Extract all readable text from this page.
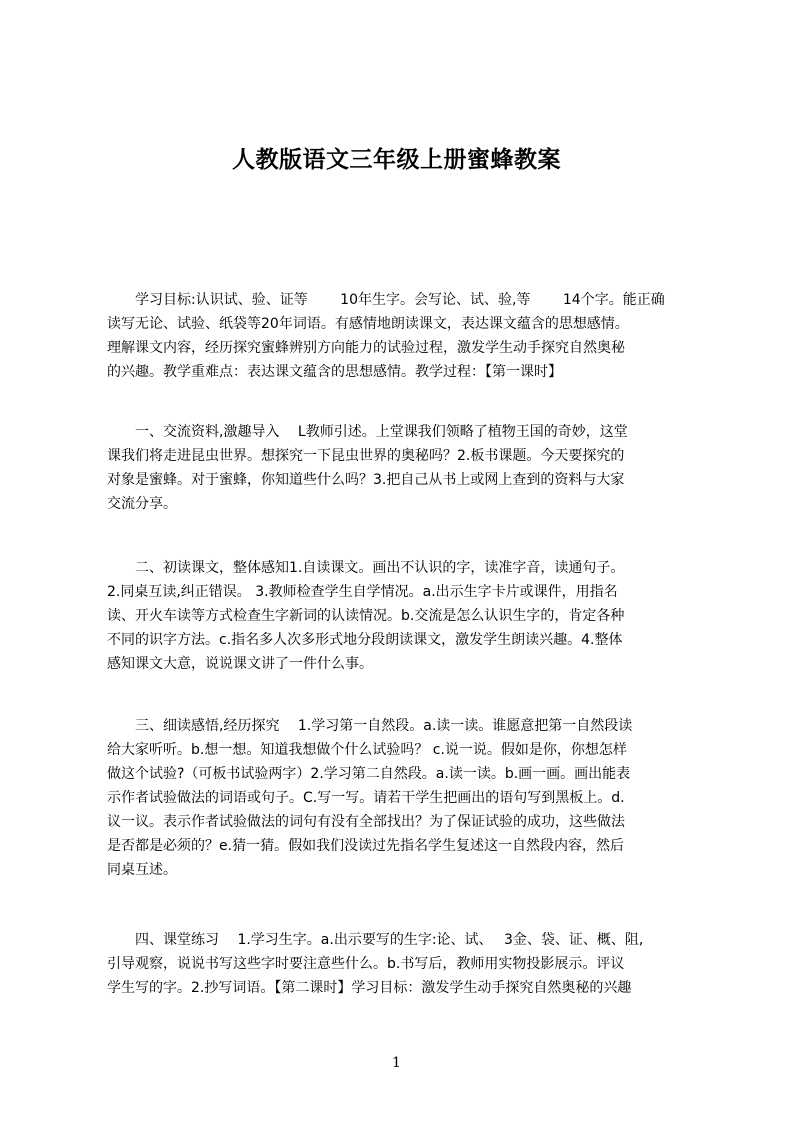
人教版语文三年级上册蜜蜂教案
　　学习目标:认识试、验、证等　　 10年生字。会写论、试、验,等　　 14个字。能正确
读写无论、试验、纸袋等20年词语。有感情地朗读课文，表达课文蕴含的思想感情。
理解课文内容，经历探究蜜蜂辨别方向能力的试验过程，激发学生动手探究自然奥秘
的兴趣。教学重难点：表达课文蕴含的思想感情。教学过程：【第一课时】
　　一、交流资料,激趣导入　 L教师引述。上堂课我们领略了植物王国的奇妙，这堂
课我们将走进昆虫世界。想探究一下昆虫世界的奥秘吗？2.板书课题。今天要探究的
对象是蜜蜂。对于蜜蜂，你知道些什么吗？3.把自己从书上或网上查到的资料与大家
交流分享。
　　二、初读课文，整体感知1.自读课文。画出不认识的字，读准字音，读通句子。
2.同桌互读,纠正错误。 3.教师检查学生自学情况。a.出示生字卡片或课件，用指名
读、开火车读等方式检查生字新词的认读情况。b.交流是怎么认识生字的，肯定各种
不同的识字方法。c.指名多人次多形式地分段朗读课文，激发学生朗读兴趣。4.整体
感知课文大意，说说课文讲了一件什么事。
　　三、细读感悟,经历探究　 1.学习第一自然段。a.读一读。谁愿意把第一自然段读
给大家听听。b.想一想。知道我想做个什么试验吗？ c.说一说。假如是你，你想怎样
做这个试验?（可板书试验两字）2.学习第二自然段。a.读一读。b.画一画。画出能表
示作者试验做法的词语或句子。C.写一写。请若干学生把画出的语句写到黑板上。d.
议一议。表示作者试验做法的词句有没有全部找出？为了保证试验的成功，这些做法
是否都是必须的？e.猜一猜。假如我们没读过先指名学生复述这一自然段内容，然后
同桌互述。
　　四、课堂练习　 1.学习生字。a.出示要写的生字:论、试、　 3金、袋、证、概、阻,
引导观察，说说书写这些字时要注意些什么。b.书写后，教师用实物投影展示。评议
学生写的字。2.抄写词语。【第二课时】学习目标：激发学生动手探究自然奥秘的兴趣
1
